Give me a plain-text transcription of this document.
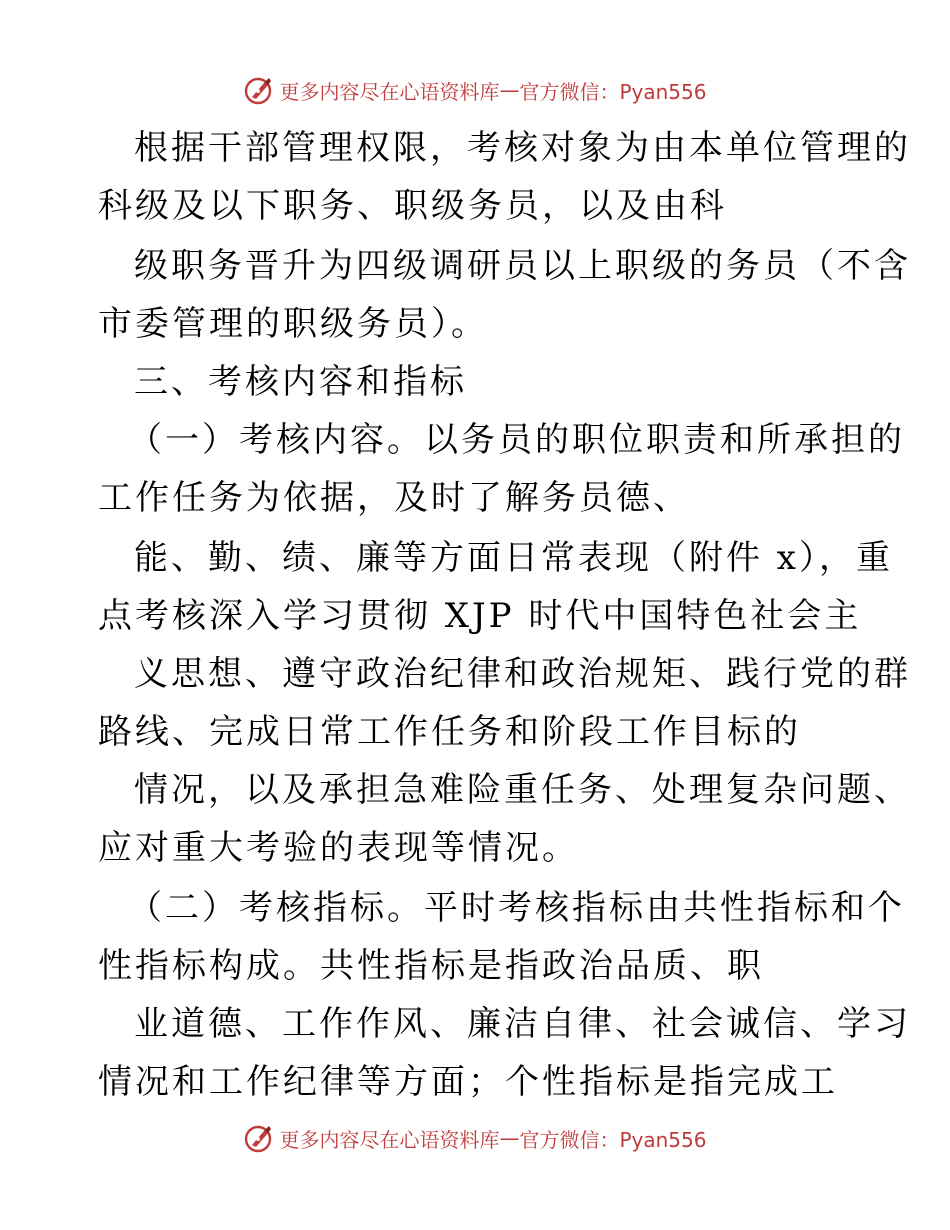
更多内容尽在心语资料库 — 官方微信：Pyan556
根据干部管理权限，考核对象为由本单位管理的
科级及以下职务、职级务员，以及由科
级职务晋升为四级调研员以上职级的务员（不含
市委管理的职级务员）。
三、考核内容和指标
（一）考核内容。以务员的职位职责和所承担的
工作任务为依据，及时了解务员德、
能、勤、绩、廉等方面日常表现（附件 x），重
点考核深入学习贯彻 XJP 时代中国特色社会主
义思想、遵守政治纪律和政治规矩、践行党的群
路线、完成日常工作任务和阶段工作目标的
情况，以及承担急难险重任务、处理复杂问题、
应对重大考验的表现等情况。
（二）考核指标。平时考核指标由共性指标和个
性指标构成。共性指标是指政治品质、职
业道德、工作作风、廉洁自律、社会诚信、学习
情况和工作纪律等方面；个性指标是指完成工
更多内容尽在心语资料库 — 官方微信：Pyan556
